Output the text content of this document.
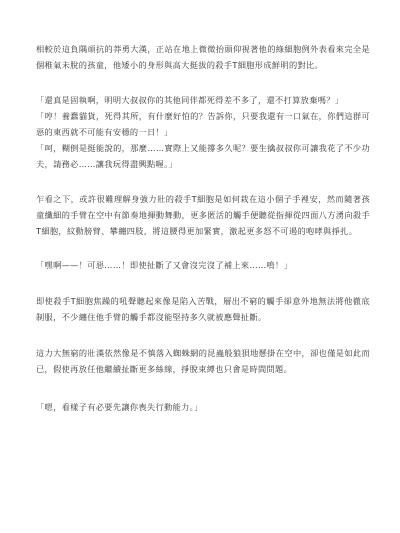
相較於這負隅頑抗的莽勇大漢，正站在地上微微抬頭仰視著他的綠細胞例外表看來完全是個稚氣未脫的孩童，他矮小的身形與高大挺拔的殺手T細胞形成鮮明的對比。

「還真是固執啊，明明大叔叔你的其他同伴都死得差不多了，還不打算放棄嗎？」
「哼！養蠢貓貨，死得其所，有什麼好怕的？告訴你，只要我還有一口氣在，你們這群可惡的東西就不可能有安穩的一日！」
「呵，糊倒是挺能說的，那麼……實際上又能撐多久呢？要生擒叔叔你可讓我花了不少功夫，請務必……讓我玩得盡興點喔。」

乍看之下，或許很難理解身強力壯的殺手T細胞是如何栽在這小個子手裡安，然而隨著孩童纖細的手臂在空中有節奏地揮動舞動，更多匿活的觸手便聽從指揮從四面八方湧向殺手T細胞，紋動膀臂、攀纏四肢，將這腰得更加緊實，激起更多怒不可遏的咆哮與掙扎。

「嘿啊——！可惡……！即使扯斷了又會沒完沒了補上來……嗚！」

即使殺手T細胞焦躁的吼聲聽起來像是陷入苦戰，層出不窮的觸手卻意外地無法將他徹底制服，不少纏住他手臂的觸手都沒能堅持多久就被應聲扯斷。

這力大無窮的壯漢依然像是不慎落入蜘蛛網的昆蟲般狼狽地懸掛在空中，卻也僅是如此而已，假使再放任他繼續扯斷更多絲線，掙脫束縛也只會是時間問題。

「嗯，看樣子有必要先讓你喪失行動能力。」
